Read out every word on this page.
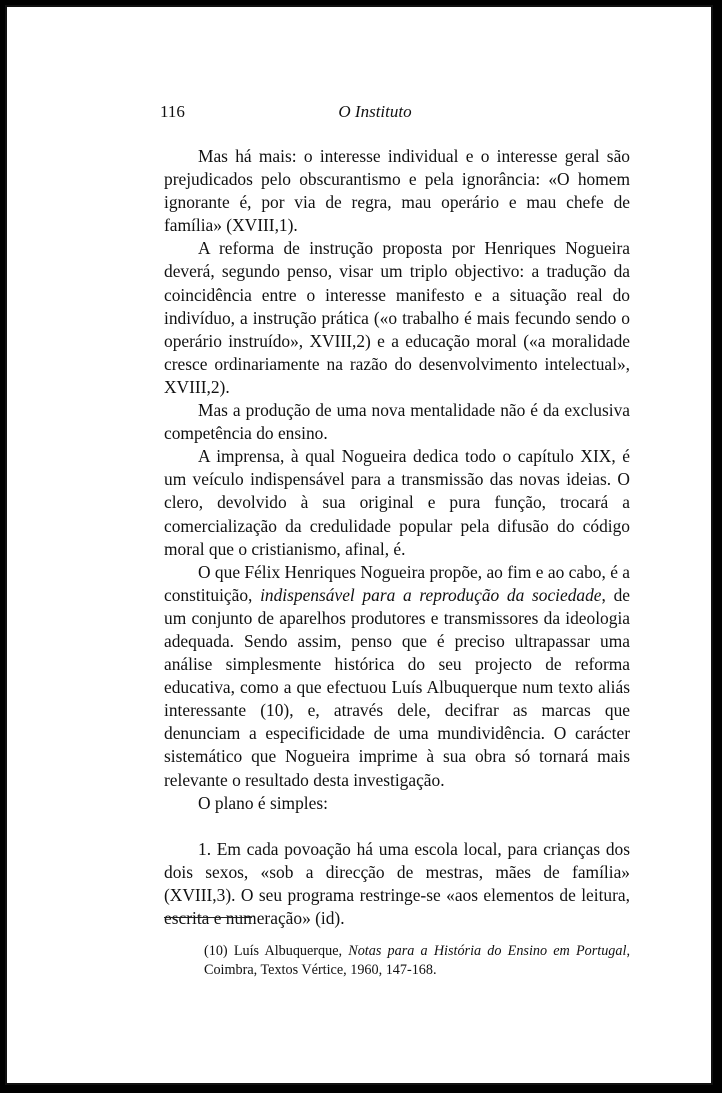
116	O Instituto

Mas há mais: o interesse individual e o interesse geral são prejudicados pelo obscurantismo e pela ignorância: «O homem ignorante é, por via de regra, mau operário e mau chefe de família» (XVIII,1).

A reforma de instrução proposta por Henriques Nogueira deverá, segundo penso, visar um triplo objectivo: a tradução da coincidência entre o interesse manifesto e a situação real do indivíduo, a instrução prática («o trabalho é mais fecundo sendo o operário instruído», XVIII,2) e a educação moral («a moralidade cresce ordinariamente na razão do desenvolvimento intelectual», XVIII,2).

Mas a produção de uma nova mentalidade não é da exclusiva competência do ensino.

A imprensa, à qual Nogueira dedica todo o capítulo XIX, é um veículo indispensável para a transmissão das novas ideias. O clero, devolvido à sua original e pura função, trocará a comercialização da credulidade popular pela difusão do código moral que o cristianismo, afinal, é.

O que Félix Henriques Nogueira propõe, ao fim e ao cabo, é a constituição, indispensável para a reprodução da sociedade, de um conjunto de aparelhos produtores e transmissores da ideologia adequada. Sendo assim, penso que é preciso ultrapassar uma análise simplesmente histórica do seu projecto de reforma educativa, como a que efectuou Luís Albuquerque num texto aliás interessante (10), e, através dele, decifrar as marcas que denunciam a especificidade de uma mundividência. O carácter sistemático que Nogueira imprime à sua obra só tornará mais relevante o resultado desta investigação.

O plano é simples:

1. Em cada povoação há uma escola local, para crianças dos dois sexos, «sob a direcção de mestras, mães de família» (XVIII,3). O seu programa restringe-se «aos elementos de leitura, escrita e numeração» (id).

(10) Luís Albuquerque, Notas para a História do Ensino em Portugal, Coimbra, Textos Vértice, 1960, 147-168.
